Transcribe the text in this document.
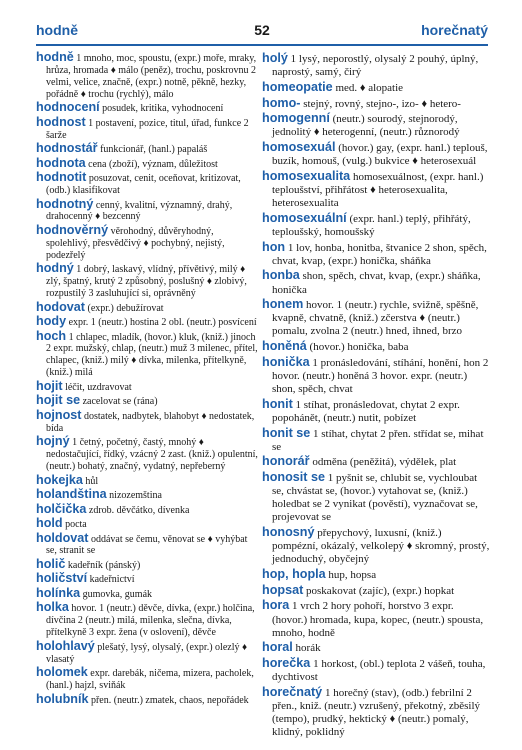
hodně	52	horečnatý
hodně 1 mnoho, moc, spoustu, (expr.) moře, mraky, hrůza, hromada ♦ málo (peněz), trochu, poskrovnu 2 velmi, velice, značně, (expr.) notně, pěkně, hezky, pořádně ♦ trochu (rychlý), málo
hodnocení posudek, kritika, vyhodnocení
hodnost 1 postavení, pozice, titul, úřad, funkce 2 šarže
hodnostář funkcionář, (hanl.) papaláš
hodnota cena (zboží), význam, důležitost
hodnotit posuzovat, cenit, oceňovat, kritizovat, (odb.) klasifikovat
hodnotný cenný, kvalitní, významný, drahý, drahocenný ♦ bezcenný
hodnověrný věrohodný, důvěryhodný, spolehlivý, přesvědčivý ♦ pochybný, nejistý, podezřelý
hodný 1 dobrý, laskavý, vlídný, přívětivý, milý ♦ zlý, špatný, krutý 2 způsobný, poslušný ♦ zlobivý, rozpustilý 3 zasluhující si, oprávněný
hodovat (expr.) debužírovat
hody expr. 1 (neutr.) hostina 2 obl. (neutr.) posvícení
hoch 1 chlapec, mladík, (hovor.) kluk, (kniž.) jinoch 2 expr. mužský, chlap, (neutr.) muž 3 milenec, přítel, chlapec, (kniž.) milý ♦ dívka, milenka, přítelkyně, (kniž.) milá
hojit léčit, uzdravovat
hojit se zacelovat se (rána)
hojnost dostatek, nadbytek, blahobyt ♦ nedostatek, bída
hojný 1 četný, početný, častý, mnohý ♦ nedostačující, řídký, vzácný 2 zast. (kniž.) opulentní, (neutr.) bohatý, značný, vydatný, nepřeberný
hokejka hůl
holandština nizozemština
holčička zdrob. děvčátko, dívenka
hold pocta
holdovat oddávat se čemu, věnovat se ♦ vyhýbat se, stranit se
holič kadeřník (pánský)
holičství kadeřnictví
holínka gumovka, gumák
holka hovor. 1 (neutr.) děvče, dívka, (expr.) holčina, dívčina 2 (neutr.) milá, milenka, slečna, dívka, přítelkyně 3 expr. žena (v oslovení), děvče
holohlavý plešatý, lysý, olysalý, (expr.) olezlý ♦ vlasatý
holomek expr. darebák, ničema, mizera, pacholek, (hanl.) hajzl, sviňák
holubník přen. (neutr.) zmatek, chaos, nepořádek
holý 1 lysý, neporostlý, olysalý 2 pouhý, úplný, naprostý, samý, čirý
homeopatie med. ♦ alopatie
homo- stejný, rovný, stejno-, izo- ♦ hetero-
homogenní (neutr.) sourodý, stejnorodý, jednolitý ♦ heterogenní, (neutr.) různorodý
homosexuál (hovor.) gay, (expr. hanl.) teplouš, buzík, homouš, (vulg.) bukvice ♦ heterosexuál
homosexualita homosexuálnost, (expr. hanl.) teploušství, přihřátost ♦ heterosexualita, heterosexualita
homosexuální (expr. hanl.) teplý, přihřátý, teploušský, homoušský
hon 1 lov, honba, honitba, štvanice 2 shon, spěch, chvat, kvap, (expr.) honička, sháňka
honba shon, spěch, chvat, kvap, (expr.) sháňka, honička
honem hovor. 1 (neutr.) rychle, svižně, spěšně, kvapně, chvatně, (kniž.) zčerstva ♦ (neutr.) pomalu, zvolna 2 (neutr.) hned, ihned, brzo
honěná (hovor.) honička, baba
honička 1 pronásledování, stíhání, honění, hon 2 hovor. (neutr.) honěná 3 hovor. expr. (neutr.) shon, spěch, chvat
honit 1 stíhat, pronásledovat, chytat 2 expr. popohánět, (neutr.) nutit, pobízet
honit se 1 stíhat, chytat 2 přen. střídat se, mihat se
honorář odměna (peněžitá), výdělek, plat
honosit se 1 pyšnit se, chlubit se, vychloubat se, chvástat se, (hovor.) vytahovat se, (kniž.) holedbat se 2 vynikat (pověstí), vyznačovat se, projevovat se
honosný přepychový, luxusní, (kniž.) pompézní, okázalý, velkolepý ♦ skromný, prostý, jednoduchý, obyčejný
hop, hopla hup, hopsa
hopsat poskakovat (zajíc), (expr.) hopkat
hora 1 vrch 2 hory pohoří, horstvo 3 expr. (hovor.) hromada, kupa, kopec, (neutr.) spousta, mnoho, hodně
horal horák
horečka 1 horkost, (obl.) teplota 2 vášeň, touha, dychtivost
horečnatý 1 horečný (stav), (odb.) febrilní 2 přen., kniž. (neutr.) vzrušený, překotný, zběsilý (tempo), prudký, hektický ♦ (neutr.) pomalý, klidný, poklidný
